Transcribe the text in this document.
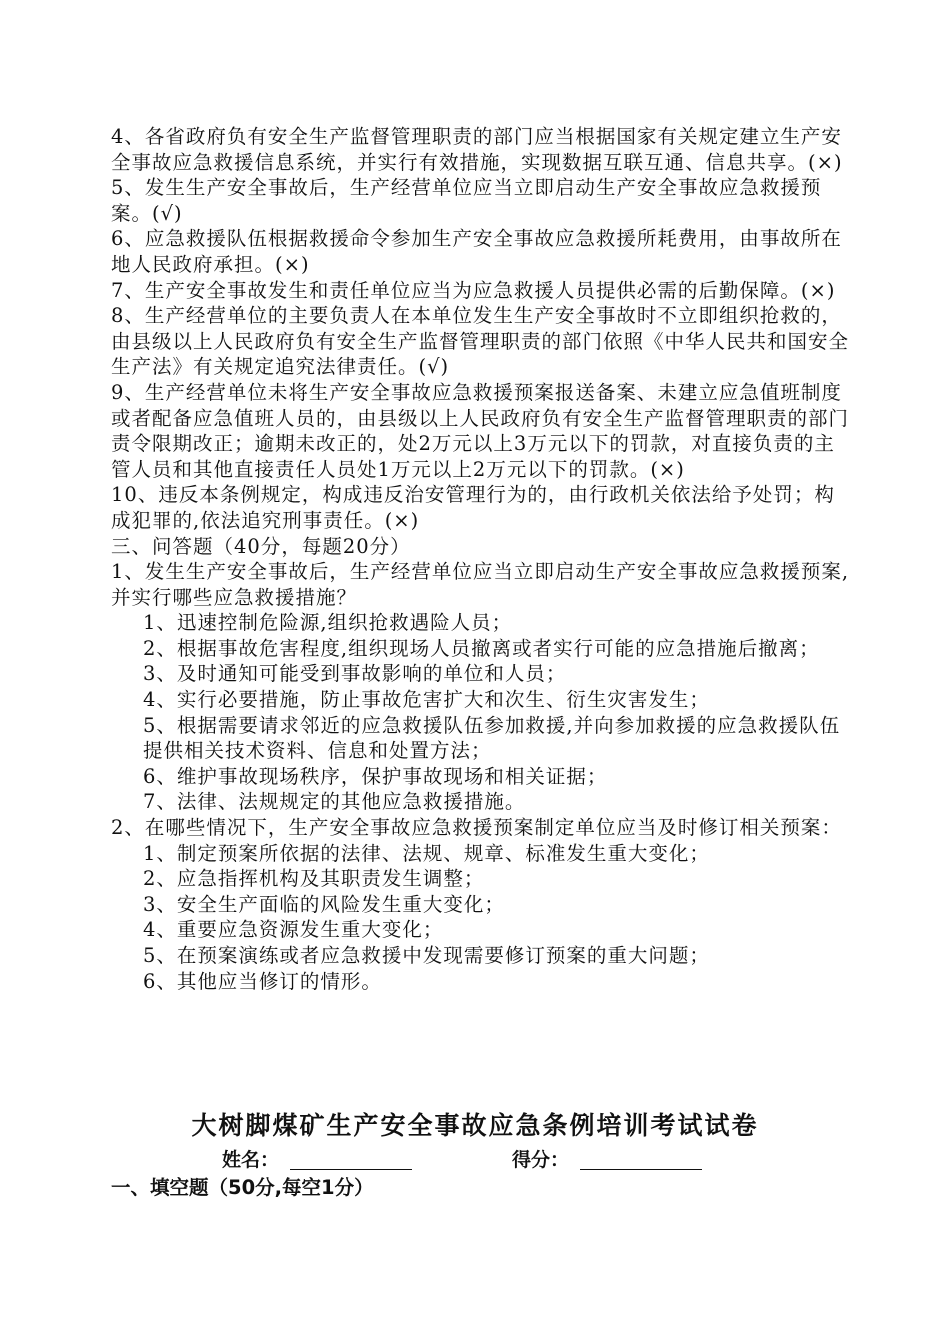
4、各省政府负有安全生产监督管理职责的部门应当根据国家有关规定建立生产安全事故应急救援信息系统，并实行有效措施，实现数据互联互通、信息共享。(×)

5、发生生产安全事故后，生产经营单位应当立即启动生产安全事故应急救援预案。(√)

6、应急救援队伍根据救援命令参加生产安全事故应急救援所耗费用，由事故所在地人民政府承担。(×)

7、生产安全事故发生和责任单位应当为应急救援人员提供必需的后勤保障。(×)

8、生产经营单位的主要负责人在本单位发生生产安全事故时不立即组织抢救的，由县级以上人民政府负有安全生产监督管理职责的部门依照《中华人民共和国安全生产法》有关规定追究法律责任。(√)

9、生产经营单位未将生产安全事故应急救援预案报送备案、未建立应急值班制度或者配备应急值班人员的，由县级以上人民政府负有安全生产监督管理职责的部门责令限期改正；逾期未改正的，处2万元以上3万元以下的罚款，对直接负责的主管人员和其他直接责任人员处1万元以上2万元以下的罚款。(×)

10、违反本条例规定，构成违反治安管理行为的，由行政机关依法给予处罚；构成犯罪的,依法追究刑事责任。(×)

三、问答题（40分，每题20分）

1、发生生产安全事故后，生产经营单位应当立即启动生产安全事故应急救援预案,并实行哪些应急救援措施？

1、迅速控制危险源,组织抢救遇险人员；

2、根据事故危害程度,组织现场人员撤离或者实行可能的应急措施后撤离；

3、及时通知可能受到事故影响的单位和人员；

4、实行必要措施，防止事故危害扩大和次生、衍生灾害发生；

5、根据需要请求邻近的应急救援队伍参加救援,并向参加救援的应急救援队伍提供相关技术资料、信息和处置方法；

6、维护事故现场秩序，保护事故现场和相关证据；

7、法律、法规规定的其他应急救援措施。

2、在哪些情况下，生产安全事故应急救援预案制定单位应当及时修订相关预案：

1、制定预案所依据的法律、法规、规章、标准发生重大变化；

2、应急指挥机构及其职责发生调整；

3、安全生产面临的风险发生重大变化；

4、重要应急资源发生重大变化；

5、在预案演练或者应急救援中发现需要修订预案的重大问题；

6、其他应当修订的情形。

大树脚煤矿生产安全事故应急条例培训考试试卷
姓名：	得分：
一、填空题（50分,每空1分）
